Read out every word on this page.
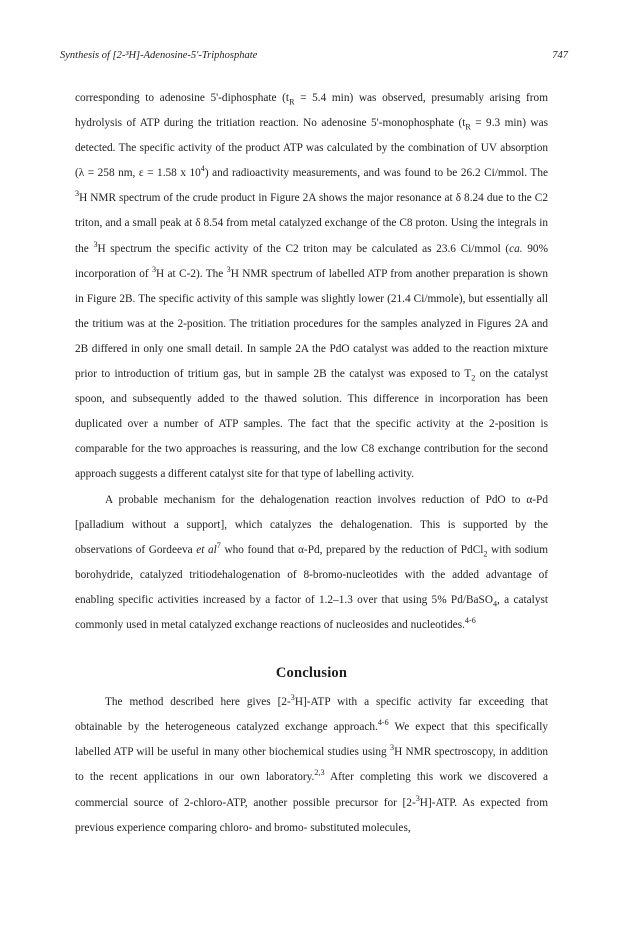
Synthesis of [2-³H]-Adenosine-5′-Triphosphate	747

corresponding to adenosine 5'-diphosphate ($t_R = 5.4$ min) was observed, presumably arising from hydrolysis of ATP during the tritiation reaction. No adenosine 5'-monophosphate ($t_R = 9.3$ min) was detected. The specific activity of the product ATP was calculated by the combination of UV absorption (λ = 258 nm, ε = 1.58 x $10^4$) and radioactivity measurements, and was found to be 26.2 Ci/mmol. The $^3$H NMR spectrum of the crude product in Figure 2A shows the major resonance at δ 8.24 due to the C2 triton, and a small peak at δ 8.54 from metal catalyzed exchange of the C8 proton. Using the integrals in the $^3$H spectrum the specific activity of the C2 triton may be calculated as 23.6 Ci/mmol (ca. 90% incorporation of $^3$H at C-2). The $^3$H NMR spectrum of labelled ATP from another preparation is shown in Figure 2B. The specific activity of this sample was slightly lower (21.4 Ci/mmole), but essentially all the tritium was at the 2-position. The tritiation procedures for the samples analyzed in Figures 2A and 2B differed in only one small detail. In sample 2A the PdO catalyst was added to the reaction mixture prior to introduction of tritium gas, but in sample 2B the catalyst was exposed to $T_2$ on the catalyst spoon, and subsequently added to the thawed solution. This difference in incorporation has been duplicated over a number of ATP samples. The fact that the specific activity at the 2-position is comparable for the two approaches is reassuring, and the low C8 exchange contribution for the second approach suggests a different catalyst site for that type of labelling activity.

A probable mechanism for the dehalogenation reaction involves reduction of PdO to α-Pd [palladium without a support], which catalyzes the dehalogenation. This is supported by the observations of Gordeeva et $al^7$ who found that α-Pd, prepared by the reduction of PdCl$_2$ with sodium borohydride, catalyzed tritiodehalogenation of 8-bromo-nucleotides with the added advantage of enabling specific activities increased by a factor of 1.2–1.3 over that using 5% Pd/BaSO$_4$, a catalyst commonly used in metal catalyzed exchange reactions of nucleosides and nucleotides.$^{4-6}$

Conclusion

The method described here gives [2-$^3$H]-ATP with a specific activity far exceeding that obtainable by the heterogeneous catalyzed exchange approach.$^{4-6}$ We expect that this specifically labelled ATP will be useful in many other biochemical studies using $^3$H NMR spectroscopy, in addition to the recent applications in our own laboratory.$^{2,3}$ After completing this work we discovered a commercial source of 2-chloro-ATP, another possible precursor for [2-$^3$H]-ATP. As expected from previous experience comparing chloro- and bromo- substituted molecules,
